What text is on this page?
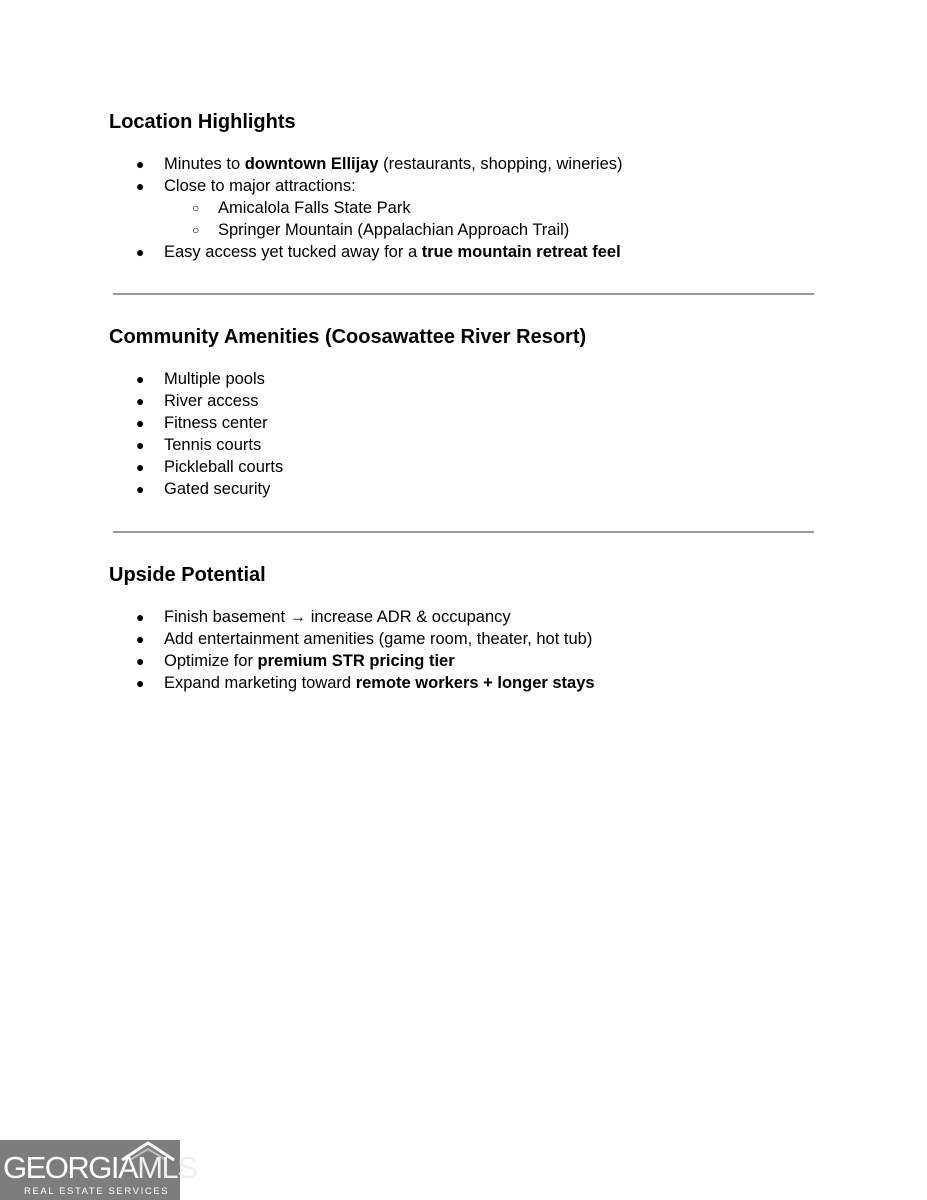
Location Highlights
● Minutes to downtown Ellijay (restaurants, shopping, wineries)
● Close to major attractions:
○ Amicalola Falls State Park
○ Springer Mountain (Appalachian Approach Trail)
● Easy access yet tucked away for a true mountain retreat feel
Community Amenities (Coosawattee River Resort)
● Multiple pools
● River access
● Fitness center
● Tennis courts
● Pickleball courts
● Gated security
Upside Potential
● Finish basement → increase ADR & occupancy
● Add entertainment amenities (game room, theater, hot tub)
● Optimize for premium STR pricing tier
● Expand marketing toward remote workers + longer stays
GEORGIAMLS
REAL ESTATE SERVICES
